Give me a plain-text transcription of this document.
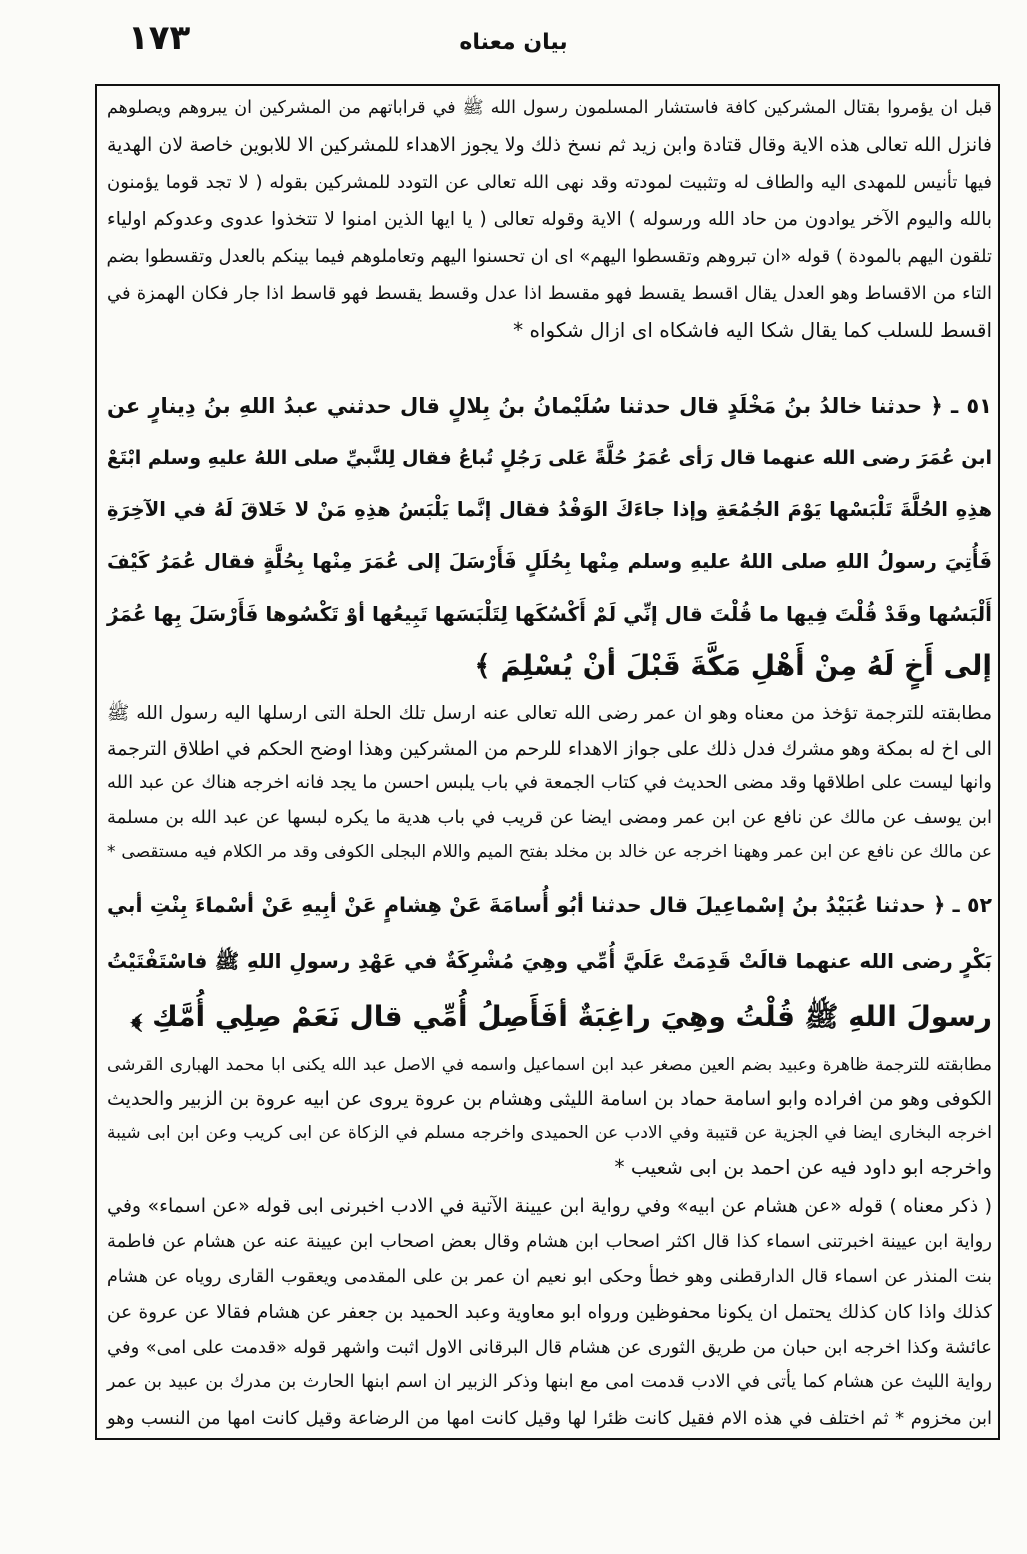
١٧٣	بيان معناه
قبل ان يؤمروا بقتال المشركين كافة فاستشار المسلمون رسول الله ﷺ في قراباتهم من المشركين ان يبروهم ويصلوهم
فانزل الله تعالى هذه الاية وقال قتادة وابن زيد ثم نسخ ذلك ولا يجوز الاهداء للمشركين الا للابوين خاصة لان الهدية
فيها تأنيس للمهدى اليه والطاف له وتثبيت لمودته وقد نهى الله تعالى عن التودد للمشركين بقوله ( لا تجد قوما يؤمنون
بالله واليوم الآخر يوادون من حاد الله ورسوله ) الاية وقوله تعالى ( يا ايها الذين امنوا لا تتخذوا عدوى وعدوكم اولياء
تلقون اليهم بالمودة ) قوله «ان تبروهم وتقسطوا اليهم» اى ان تحسنوا اليهم وتعاملوهم فيما بينكم بالعدل وتقسطوا بضم
التاء من الاقساط وهو العدل يقال اقسط يقسط فهو مقسط اذا عدل وقسط يقسط فهو قاسط اذا جار فكان الهمزة في
اقسط للسلب كما يقال شكا اليه فاشكاه اى ازال شكواه *
٥١ ـ ﴿ حدثنا خالدُ بنُ مَخْلَدٍ قال حدثنا سُلَيْمانُ بنُ بِلالٍ قال حدثني عبدُ اللهِ بنُ دِينارٍ عن
ابن عُمَرَ رضى الله عنهما قال رَأى عُمَرُ حُلَّةً عَلى رَجُلٍ تُباعُ فقال لِلنَّبيِّ صلى اللهُ عليهِ وسلم ابْتَعْ
هذِهِ الحُلَّةَ تَلْبَسْها يَوْمَ الجُمُعَةِ وإذا جاءَكَ الوَفْدُ فقال إنَّما يَلْبَسُ هذِهِ مَنْ لا خَلاقَ لَهُ في الآخِرَةِ
فَأُتِيَ رسولُ اللهِ صلى اللهُ عليهِ وسلم مِنْها بِحُلَلٍ فَأَرْسَلَ إلى عُمَرَ مِنْها بِحُلَّةٍ فقال عُمَرُ كَيْفَ
أَلْبَسُها وقَدْ قُلْتَ فِيها ما قُلْتَ قال إنِّي لَمْ أَكْسُكَها لِتَلْبَسَها تَبِيعُها أوْ تَكْسُوها فَأَرْسَلَ بِها عُمَرُ
إلى أَخٍ لَهُ مِنْ أَهْلِ مَكَّةَ قَبْلَ أنْ يُسْلِمَ ﴾
مطابقته للترجمة تؤخذ من معناه وهو ان عمر رضى الله تعالى عنه ارسل تلك الحلة التى ارسلها اليه رسول الله ﷺ
الى اخ له بمكة وهو مشرك فدل ذلك على جواز الاهداء للرحم من المشركين وهذا اوضح الحكم في اطلاق الترجمة
وانها ليست على اطلاقها وقد مضى الحديث في كتاب الجمعة في باب يلبس احسن ما يجد فانه اخرجه هناك عن عبد الله
ابن يوسف عن مالك عن نافع عن ابن عمر ومضى ايضا عن قريب في باب هدية ما يكره لبسها عن عبد الله بن مسلمة
عن مالك عن نافع عن ابن عمر وههنا اخرجه عن خالد بن مخلد بفتح الميم واللام البجلى الكوفى وقد مر الكلام فيه مستقصى *
٥٢ ـ ﴿ حدثنا عُبَيْدُ بنُ إسْماعِيلَ قال حدثنا أبُو أُسامَةَ عَنْ هِشامٍ عَنْ أبِيهِ عَنْ أسْماءَ بِنْتِ أبي
بَكْرٍ رضى الله عنهما قالَتْ قَدِمَتْ عَلَيَّ أُمِّي وهِيَ مُشْرِكَةٌ في عَهْدِ رسولِ اللهِ ﷺ فاسْتَفْتَيْتُ
رسولَ اللهِ ﷺ قُلْتُ وهِيَ راغِبَةٌ أفَأَصِلُ أُمِّي قال نَعَمْ صِلِي أُمَّكِ ﴾
مطابقته للترجمة ظاهرة وعبيد بضم العين مصغر عبد ابن اسماعيل واسمه في الاصل عبد الله يكنى ابا محمد الهبارى القرشى
الكوفى وهو من افراده وابو اسامة حماد بن اسامة الليثى وهشام بن عروة يروى عن ابيه عروة بن الزبير والحديث
اخرجه البخارى ايضا في الجزية عن قتيبة وفي الادب عن الحميدى واخرجه مسلم في الزكاة عن ابى كريب وعن ابن ابى شيبة
واخرجه ابو داود فيه عن احمد بن ابى شعيب *
( ذكر معناه ) قوله «عن هشام عن ابيه» وفي رواية ابن عيينة الآتية في الادب اخبرنى ابى قوله «عن اسماء» وفي
رواية ابن عيينة اخبرتنى اسماء كذا قال اكثر اصحاب ابن هشام وقال بعض اصحاب ابن عيينة عنه عن هشام عن فاطمة
بنت المنذر عن اسماء قال الدارقطنى وهو خطأ وحكى ابو نعيم ان عمر بن على المقدمى ويعقوب القارى روياه عن هشام
كذلك واذا كان كذلك يحتمل ان يكونا محفوظين ورواه ابو معاوية وعبد الحميد بن جعفر عن هشام فقالا عن عروة عن
عائشة وكذا اخرجه ابن حبان من طريق الثورى عن هشام قال البرقانى الاول اثبت واشهر قوله «قدمت على امى» وفي
رواية الليث عن هشام كما يأتى في الادب قدمت امى مع ابنها وذكر الزبير ان اسم ابنها الحارث بن مدرك بن عبيد بن عمر
ابن مخزوم * ثم اختلف في هذه الام فقيل كانت ظئرا لها وقيل كانت امها من الرضاعة وقيل كانت امها من النسب وهو
